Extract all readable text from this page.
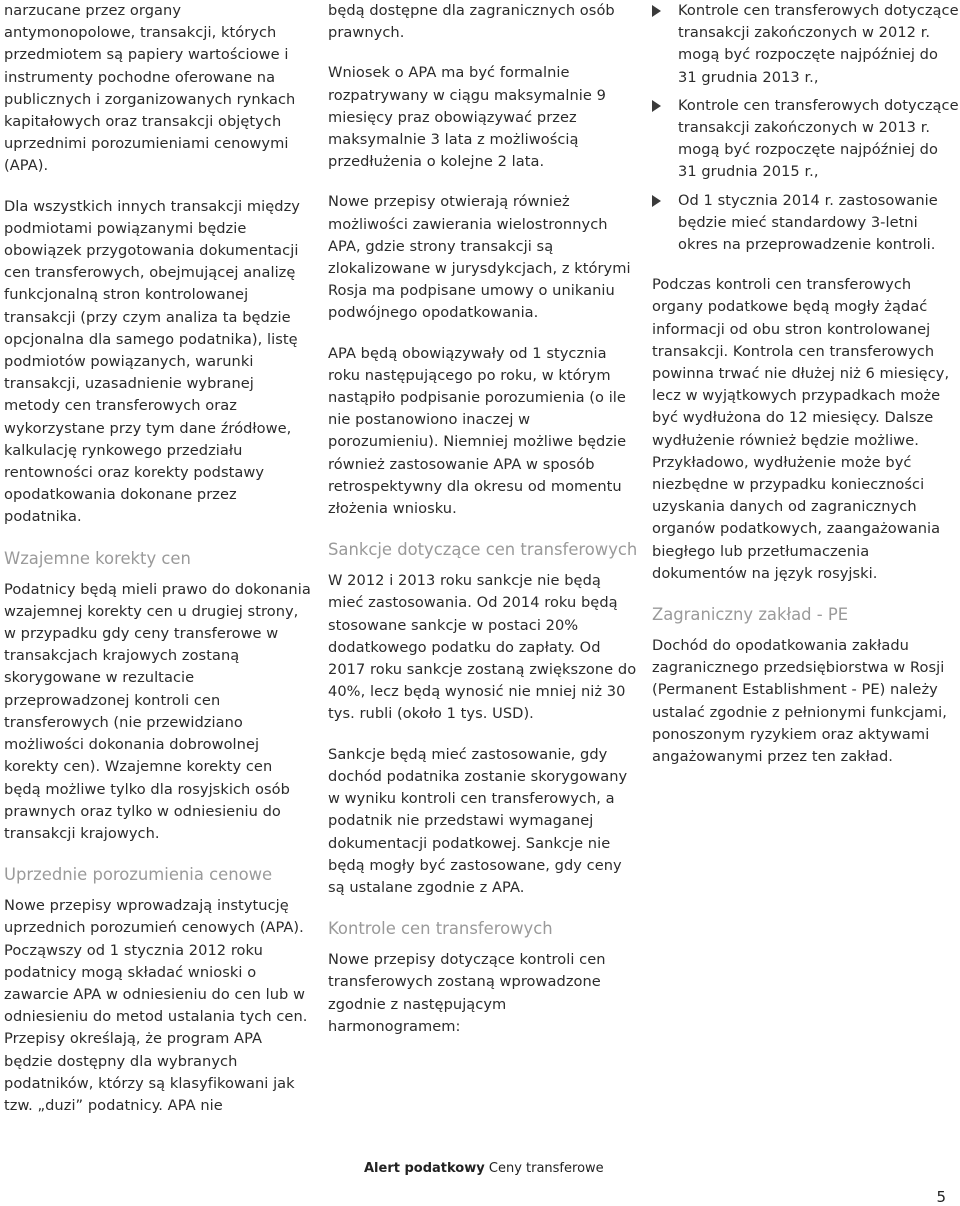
narzucane przez organy antymonopolowe, transakcji, których przedmiotem są papiery wartościowe i instrumenty pochodne oferowane na publicznych i zorganizowanych rynkach kapitałowych oraz transakcji objętych uprzednimi porozumieniami cenowymi (APA).

Dla wszystkich innych transakcji między podmiotami powiązanymi będzie obowiązek przygotowania dokumentacji cen transferowych, obejmującej analizę funkcjonalną stron kontrolowanej transakcji (przy czym analiza ta będzie opcjonalna dla samego podatnika), listę podmiotów powiązanych, warunki transakcji, uzasadnienie wybranej metody cen transferowych oraz wykorzystane przy tym dane źródłowe, kalkulację rynkowego przedziału rentowności oraz korekty podstawy opodatkowania dokonane przez podatnika.

Wzajemne korekty cen

Podatnicy będą mieli prawo do dokonania wzajemnej korekty cen u drugiej strony, w przypadku gdy ceny transferowe w transakcjach krajowych zostaną skorygowane w rezultacie przeprowadzonej kontroli cen transferowych (nie przewidziano możliwości dokonania dobrowolnej korekty cen). Wzajemne korekty cen będą możliwe tylko dla rosyjskich osób prawnych oraz tylko w odniesieniu do transakcji krajowych.

Uprzednie porozumienia cenowe

Nowe przepisy wprowadzają instytucję uprzednich porozumień cenowych (APA). Począwszy od 1 stycznia 2012 roku podatnicy mogą składać wnioski o zawarcie APA w odniesieniu do cen lub w odniesieniu do metod ustalania tych cen. Przepisy określają, że program APA będzie dostępny dla wybranych podatników, którzy są klasyfikowani jak tzw. „duzi” podatnicy. APA nie

będą dostępne dla zagranicznych osób prawnych.

Wniosek o APA ma być formalnie rozpatrywany w ciągu maksymalnie 9 miesięcy praz obowiązywać przez maksymalnie 3 lata z możliwością przedłużenia o kolejne 2 lata.

Nowe przepisy otwierają również możliwości zawierania wielostronnych APA, gdzie strony transakcji są zlokalizowane w jurysdykcjach, z którymi Rosja ma podpisane umowy o unikaniu podwójnego opodatkowania.

APA będą obowiązywały od 1 stycznia roku następującego po roku, w którym nastąpiło podpisanie porozumienia (o ile nie postanowiono inaczej w porozumieniu). Niemniej możliwe będzie również zastosowanie APA w sposób retrospektywny dla okresu od momentu złożenia wniosku.

Sankcje dotyczące cen transferowych

W 2012 i 2013 roku sankcje nie będą mieć zastosowania. Od 2014 roku będą stosowane sankcje w postaci 20% dodatkowego podatku do zapłaty. Od 2017 roku sankcje zostaną zwiększone do 40%, lecz będą wynosić nie mniej niż 30 tys. rubli (około 1 tys. USD).

Sankcje będą mieć zastosowanie, gdy dochód podatnika zostanie skorygowany w wyniku kontroli cen transferowych, a podatnik nie przedstawi wymaganej dokumentacji podatkowej. Sankcje nie będą mogły być zastosowane, gdy ceny są ustalane zgodnie z APA.

Kontrole cen transferowych

Nowe przepisy dotyczące kontroli cen transferowych zostaną wprowadzone zgodnie z następującym harmonogramem:

Kontrole cen transferowych dotyczące transakcji zakończonych w 2012 r. mogą być rozpoczęte najpóźniej do 31 grudnia 2013 r.,
Kontrole cen transferowych dotyczące transakcji zakończonych w 2013 r. mogą być rozpoczęte najpóźniej do 31 grudnia 2015 r.,
Od 1 stycznia 2014 r. zastosowanie będzie mieć standardowy 3-letni okres na przeprowadzenie kontroli.

Podczas kontroli cen transferowych organy podatkowe będą mogły żądać informacji od obu stron kontrolowanej transakcji. Kontrola cen transferowych powinna trwać nie dłużej niż 6 miesięcy, lecz w wyjątkowych przypadkach może być wydłużona do 12 miesięcy. Dalsze wydłużenie również będzie możliwe. Przykładowo, wydłużenie może być niezbędne w przypadku konieczności uzyskania danych od zagranicznych organów podatkowych, zaangażowania biegłego lub przetłumaczenia dokumentów na język rosyjski.

Zagraniczny zakład - PE

Dochód do opodatkowania zakładu zagranicznego przedsiębiorstwa w Rosji (Permanent Establishment - PE) należy ustalać zgodnie z pełnionymi funkcjami, ponoszonym ryzykiem oraz aktywami angażowanymi przez ten zakład.

Alert podatkowy Ceny transferowe
5
